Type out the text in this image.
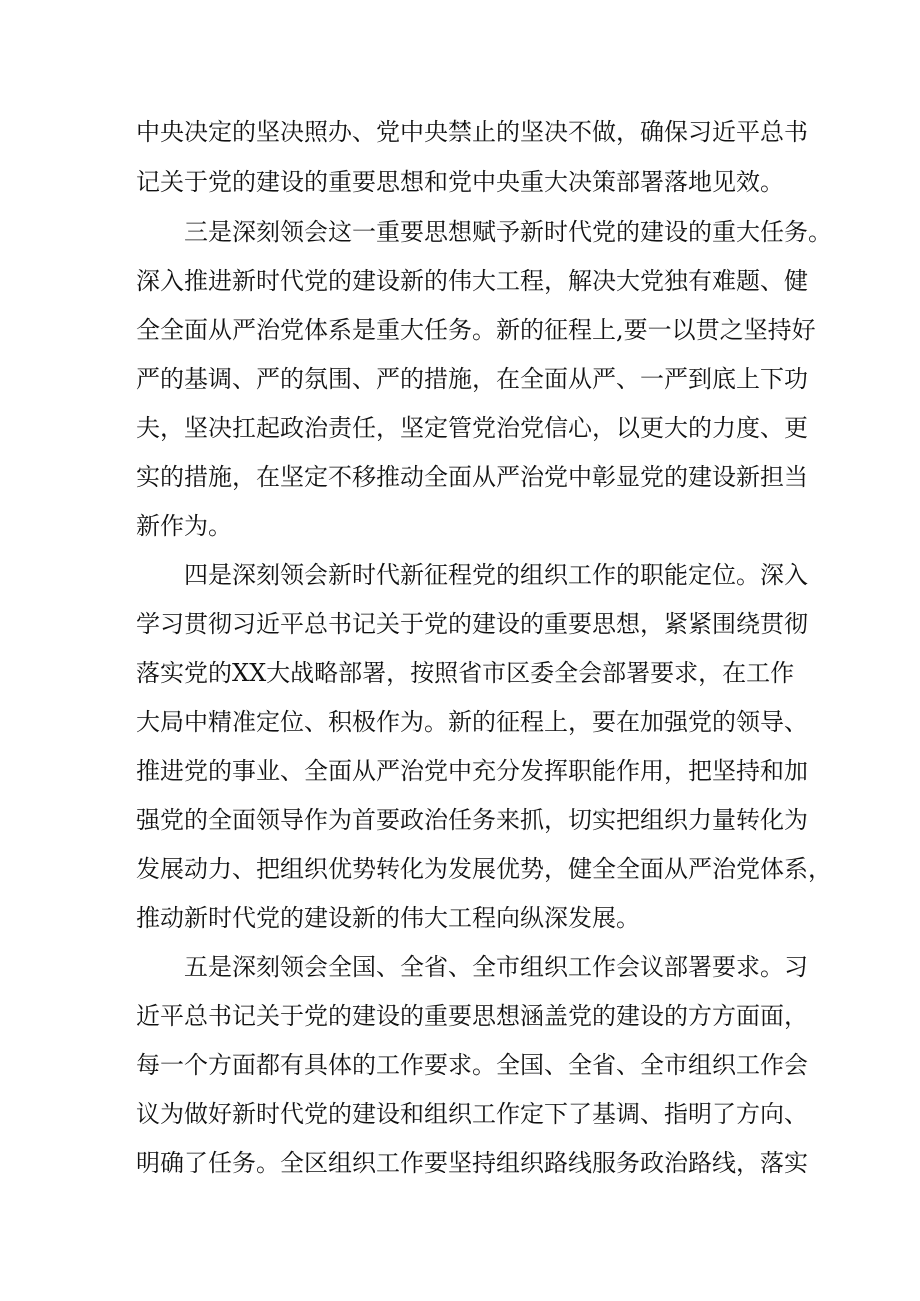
中央决定的坚决照办、党中央禁止的坚决不做，确保习近平总书
记关于党的建设的重要思想和党中央重大决策部署落地见效。
三是深刻领会这一重要思想赋予新时代党的建设的重大任务。
深入推进新时代党的建设新的伟大工程，解决大党独有难题、健
全全面从严治党体系是重大任务。新的征程上,要一以贯之坚持好
严的基调、严的氛围、严的措施，在全面从严、一严到底上下功
夫，坚决扛起政治责任，坚定管党治党信心，以更大的力度、更
实的措施，在坚定不移推动全面从严治党中彰显党的建设新担当
新作为。
四是深刻领会新时代新征程党的组织工作的职能定位。深入
学习贯彻习近平总书记关于党的建设的重要思想，紧紧围绕贯彻
落实党的XX大战略部署，按照省市区委全会部署要求，在工作
大局中精准定位、积极作为。新的征程上，要在加强党的领导、
推进党的事业、全面从严治党中充分发挥职能作用，把坚持和加
强党的全面领导作为首要政治任务来抓，切实把组织力量转化为
发展动力、把组织优势转化为发展优势，健全全面从严治党体系，
推动新时代党的建设新的伟大工程向纵深发展。
五是深刻领会全国、全省、全市组织工作会议部署要求。习
近平总书记关于党的建设的重要思想涵盖党的建设的方方面面，
每一个方面都有具体的工作要求。全国、全省、全市组织工作会
议为做好新时代党的建设和组织工作定下了基调、指明了方向、
明确了任务。全区组织工作要坚持组织路线服务政治路线，落实
